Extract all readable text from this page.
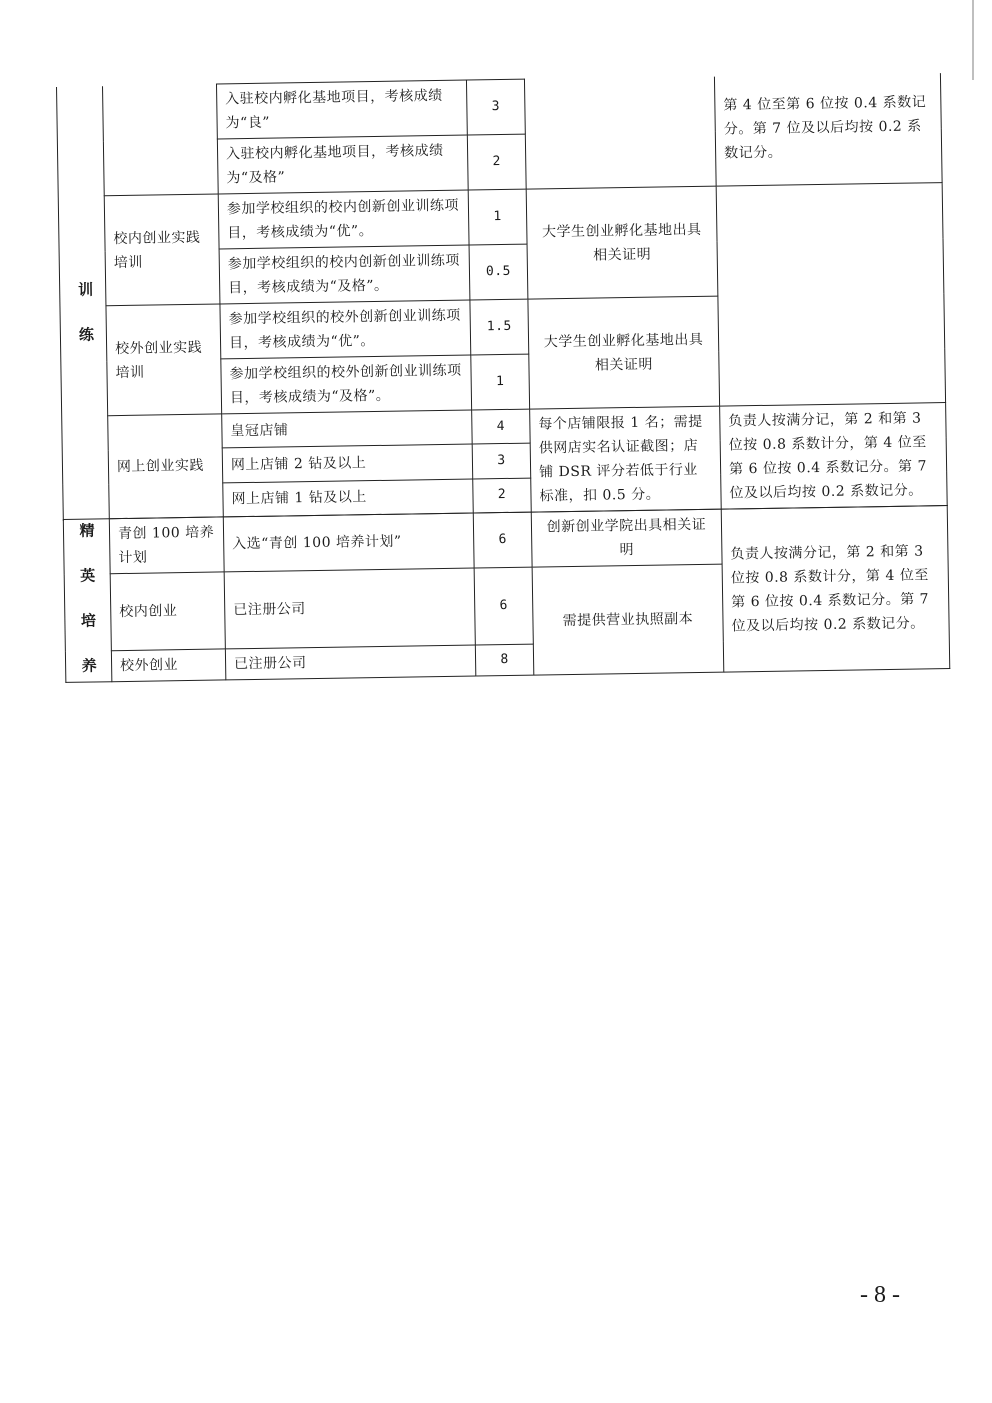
训 练		入驻校内孵化基地项目，考核成绩为“良”	3		第 4 位至第 6 位按 0.4 系数记分。第 7 位及以后均按 0.2 系数记分。
		入驻校内孵化基地项目，考核成绩为“及格”	2		
	校内创业实践培训	参加学校组织的校内创新创业训练项目，考核成绩为“优”。	1	大学生创业孵化基地出具相关证明	
		参加学校组织的校内创新创业训练项目，考核成绩为“及格”。	0.5		
	校外创业实践培训	参加学校组织的校外创新创业训练项目，考核成绩为“优”。	1.5	大学生创业孵化基地出具相关证明	
		参加学校组织的校外创新创业训练项目，考核成绩为“及格”。	1		
	网上创业实践	皇冠店铺	4	每个店铺限报 1 名；需提供网店实名认证截图；店铺 DSR 评分若低于行业标准，扣 0.5 分。	负责人按满分记，第 2 和第 3 位按 0.8 系数计分，第 4 位至第 6 位按 0.4 系数记分。第 7 位及以后均按 0.2 系数记分。
		网上店铺 2 钻及以上	3		
		网上店铺 1 钻及以上	2		

精 英 培 养	青创 100 培养计划	入选“青创 100 培养计划”	6	创新创业学院出具相关证明	负责人按满分记，第 2 和第 3 位按 0.8 系数计分，第 4 位至第 6 位按 0.4 系数记分。第 7 位及以后均按 0.2 系数记分。
	校内创业	已注册公司	6	需提供营业执照副本	
	校外创业	已注册公司	8		
- 8 -
